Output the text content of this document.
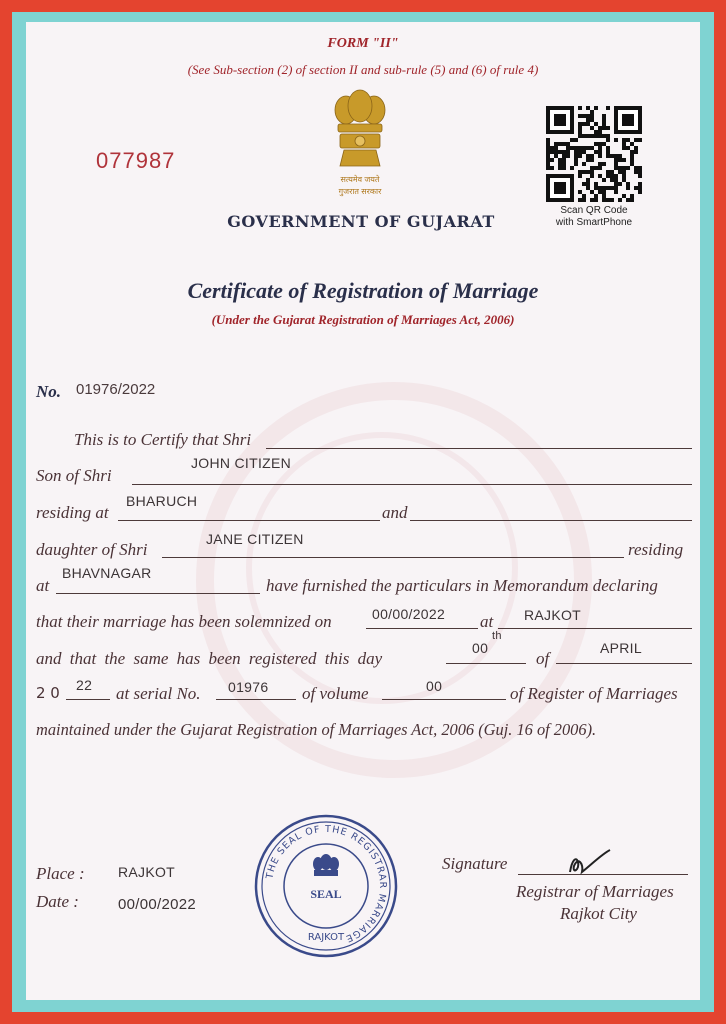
FORM "II"
(See Sub-section (2) of section II and sub-rule (5) and (6) of rule 4)
077987
सत्यमेव जयते
गुजरात सरकार
GOVERNMENT OF GUJARAT
Scan QR Code
with SmartPhone
Certificate of Registration of Marriage
(Under the Gujarat Registration of Marriages Act, 2006)
No. 01976/2022
This is to Certify that Shri
Son of Shri
JOHN CITIZEN
residing at
BHARUCH
and
daughter of Shri
JANE CITIZEN
residing
at
BHAVNAGAR
have furnished the particulars in Memorandum declaring
that their marriage has been solemnized on	00/00/2022 at RAJKOT
and that the same has been registered this day
00
th
of
APRIL
2 0 22 at serial No. 01976 of volume	00	of Register of Marriages
maintained under the Gujarat Registration of Marriages Act, 2006 (Guj. 16 of 2006).
Place : RAJKOT
Date :	00/00/2022
THE SEAL OF THE REGISTRAR MARRIAGE
SEAL
RAJKOT
Signature
Registrar of Marriages
Rajkot City
